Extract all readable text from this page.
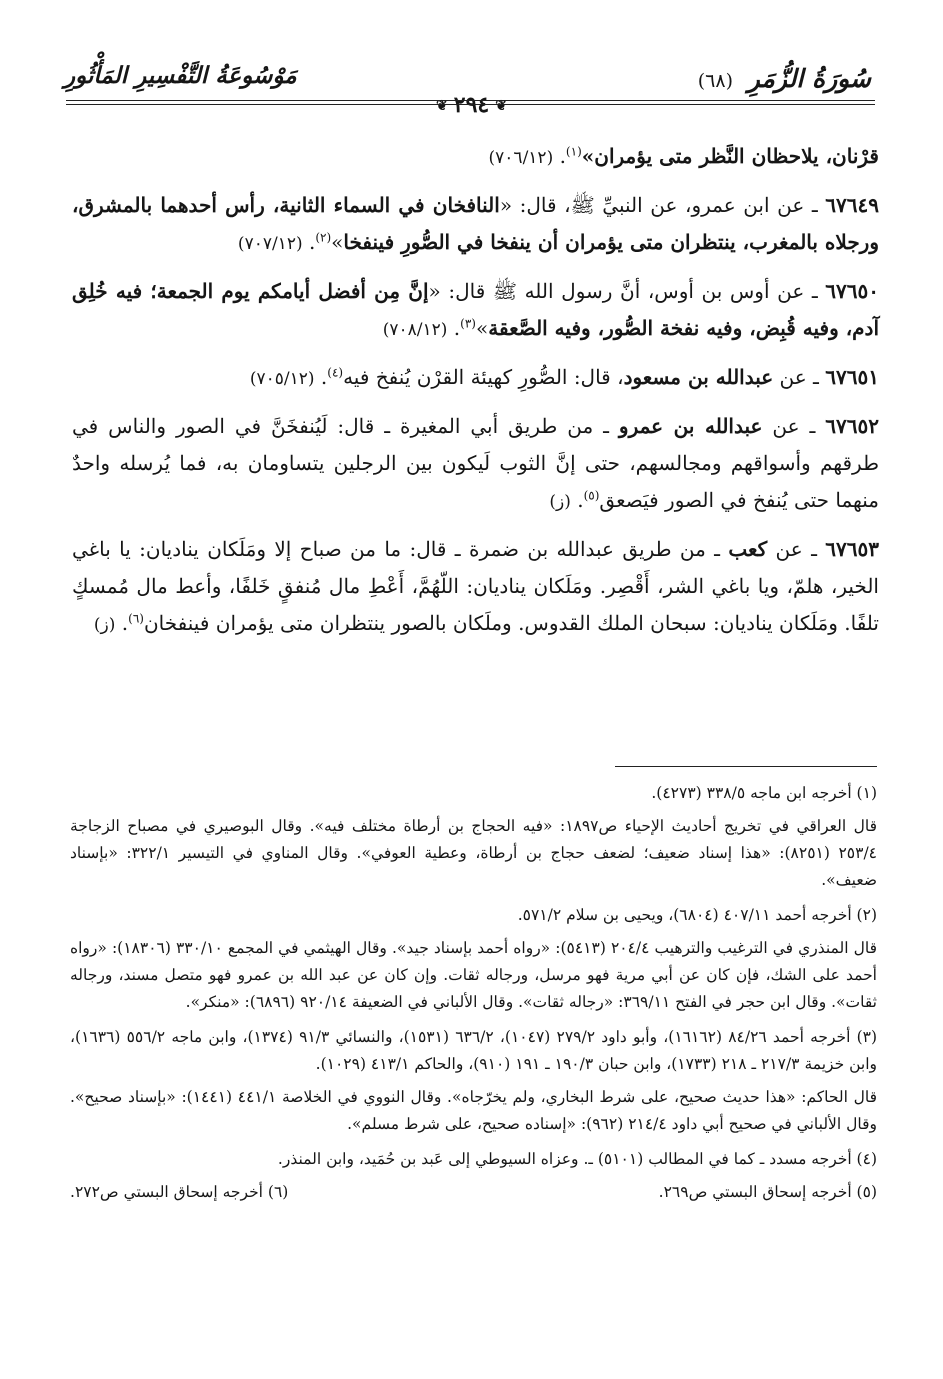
سُورَةُ الزُّمَرِ (٦٨)
❦٢٩٤❦
مَوْسُوعَةُ التَّفْسِيرِ المَأْثُورِ

قرْنان، يلاحظان النَّظر متى يؤمران»$^{(١)}$. (٧٠٦/١٢)

٦٧٦٤٩ ـ عن ابن عمرو، عن النبيِّ ﷺ، قال: «النافخان في السماء الثانية، رأس أحدهما بالمشرق، ورجلاه بالمغرب، ينتظران متى يؤمران أن ينفخا في الصُّورِ فينفخا»$^{(٢)}$. (٧٠٧/١٢)

٦٧٦٥٠ ـ عن أوس بن أوس، أنَّ رسول الله ﷺ قال: «إنَّ مِن أفضل أيامكم يوم الجمعة؛ فيه خُلِق آدم، وفيه قُبِض، وفيه نفخة الصُّور، وفيه الصَّعقة»$^{(٣)}$. (٧٠٨/١٢)

٦٧٦٥١ ـ عن عبدالله بن مسعود، قال: الصُّورِ كهيئة القرْن يُنفخ فيه$^{(٤)}$. (٧٠٥/١٢)

٦٧٦٥٢ ـ عن عبدالله بن عمرو ـ من طريق أبي المغيرة ـ قال: لَيُنفخَنَّ في الصور والناس في طرقهم وأسواقهم ومجالسهم، حتى إنَّ الثوب لَيكون بين الرجلين يتساومان به، فما يُرسله واحدٌ منهما حتى يُنفخ في الصور فيَصعق$^{(٥)}$. (ز)

٦٧٦٥٣ ـ عن كعب ـ من طريق عبدالله بن ضمرة ـ قال: ما من صباح إلا ومَلَكان يناديان: يا باغي الخير، هلمّ، ويا باغي الشر، أَقْصِر. ومَلَكان يناديان: اللّهُمَّ، أَعْطِ مال مُنفقٍ خَلفًا، وأعط مال مُمسكٍ تلفًا. ومَلَكان يناديان: سبحان الملك القدوس. وملَكان بالصور ينتظران متى يؤمران فينفخان$^{(٦)}$. (ز)

(١) أخرجه ابن ماجه ٣٣٨/٥ (٤٢٧٣).

قال العراقي في تخريج أحاديث الإحياء ص١٨٩٧: «فيه الحجاج بن أرطاة مختلف فيه». وقال البوصيري في مصباح الزجاجة ٢٥٣/٤ (٨٢٥١): «هذا إسناد ضعيف؛ لضعف حجاج بن أرطاة، وعطية العوفي». وقال المناوي في التيسير ٣٢٢/١: «بإسناد ضعيف».

(٢) أخرجه أحمد ٤٠٧/١١ (٦٨٠٤)، ويحيى بن سلام ٥٧١/٢.

قال المنذري في الترغيب والترهيب ٢٠٤/٤ (٥٤١٣): «رواه أحمد بإسناد جيد». وقال الهيثمي في المجمع ٣٣٠/١٠ (١٨٣٠٦): «رواه أحمد على الشك، فإن كان عن أبي مرية فهو مرسل، ورجاله ثقات. وإن كان عن عبد الله بن عمرو فهو متصل مسند، ورجاله ثقات». وقال ابن حجر في الفتح ٣٦٩/١١: «رجاله ثقات». وقال الألباني في الضعيفة ٩٢٠/١٤ (٦٨٩٦): «منكر».

(٣) أخرجه أحمد ٨٤/٢٦ (١٦١٦٢)، وأبو داود ٢٧٩/٢ (١٠٤٧)، ٦٣٦/٢ (١٥٣١)، والنسائي ٩١/٣ (١٣٧٤)، وابن ماجه ٥٥٦/٢ (١٦٣٦)، وابن خزيمة ٢١٧/٣ ـ ٢١٨ (١٧٣٣)، وابن حبان ١٩٠/٣ ـ ١٩١ (٩١٠)، والحاكم ٤١٣/١ (١٠٢٩).

قال الحاكم: «هذا حديث صحيح، على شرط البخاري، ولم يخرّجاه». وقال النووي في الخلاصة ٤٤١/١ (١٤٤١): «بإسناد صحيح». وقال الألباني في صحيح أبي داود ٢١٤/٤ (٩٦٢): «إسناده صحيح، على شرط مسلم».

(٤) أخرجه مسدد ـ كما في المطالب (٥١٠١) ـ. وعزاه السيوطي إلى عَبد بن حُمَيد، وابن المنذر.

(٥) أخرجه إسحاق البستي ص٢٦٩.
(٦) أخرجه إسحاق البستي ص٢٧٢.
